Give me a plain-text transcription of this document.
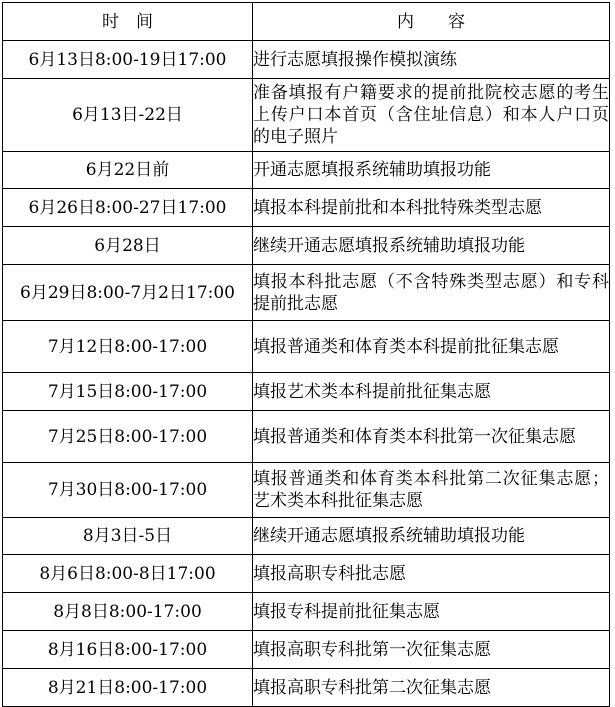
时　间	内　　容
6月13日8:00-19日17:00	进行志愿填报操作模拟演练
6月13日-22日	准备填报有户籍要求的提前批院校志愿的考生上传户口本首页（含住址信息）和本人户口页的电子照片
6月22日前	开通志愿填报系统辅助填报功能
6月26日8:00-27日17:00	填报本科提前批和本科批特殊类型志愿
6月28日	继续开通志愿填报系统辅助填报功能
6月29日8:00-7月2日17:00	填报本科批志愿（不含特殊类型志愿）和专科提前批志愿
7月12日8:00-17:00	填报普通类和体育类本科提前批征集志愿
7月15日8:00-17:00	填报艺术类本科提前批征集志愿
7月25日8:00-17:00	填报普通类和体育类本科批第一次征集志愿
7月30日8:00-17:00	填报普通类和体育类本科批第二次征集志愿；艺术类本科批征集志愿
8月3日-5日	继续开通志愿填报系统辅助填报功能
8月6日8:00-8日17:00	填报高职专科批志愿
8月8日8:00-17:00	填报专科提前批征集志愿
8月16日8:00-17:00	填报高职专科批第一次征集志愿
8月21日8:00-17:00	填报高职专科批第二次征集志愿
